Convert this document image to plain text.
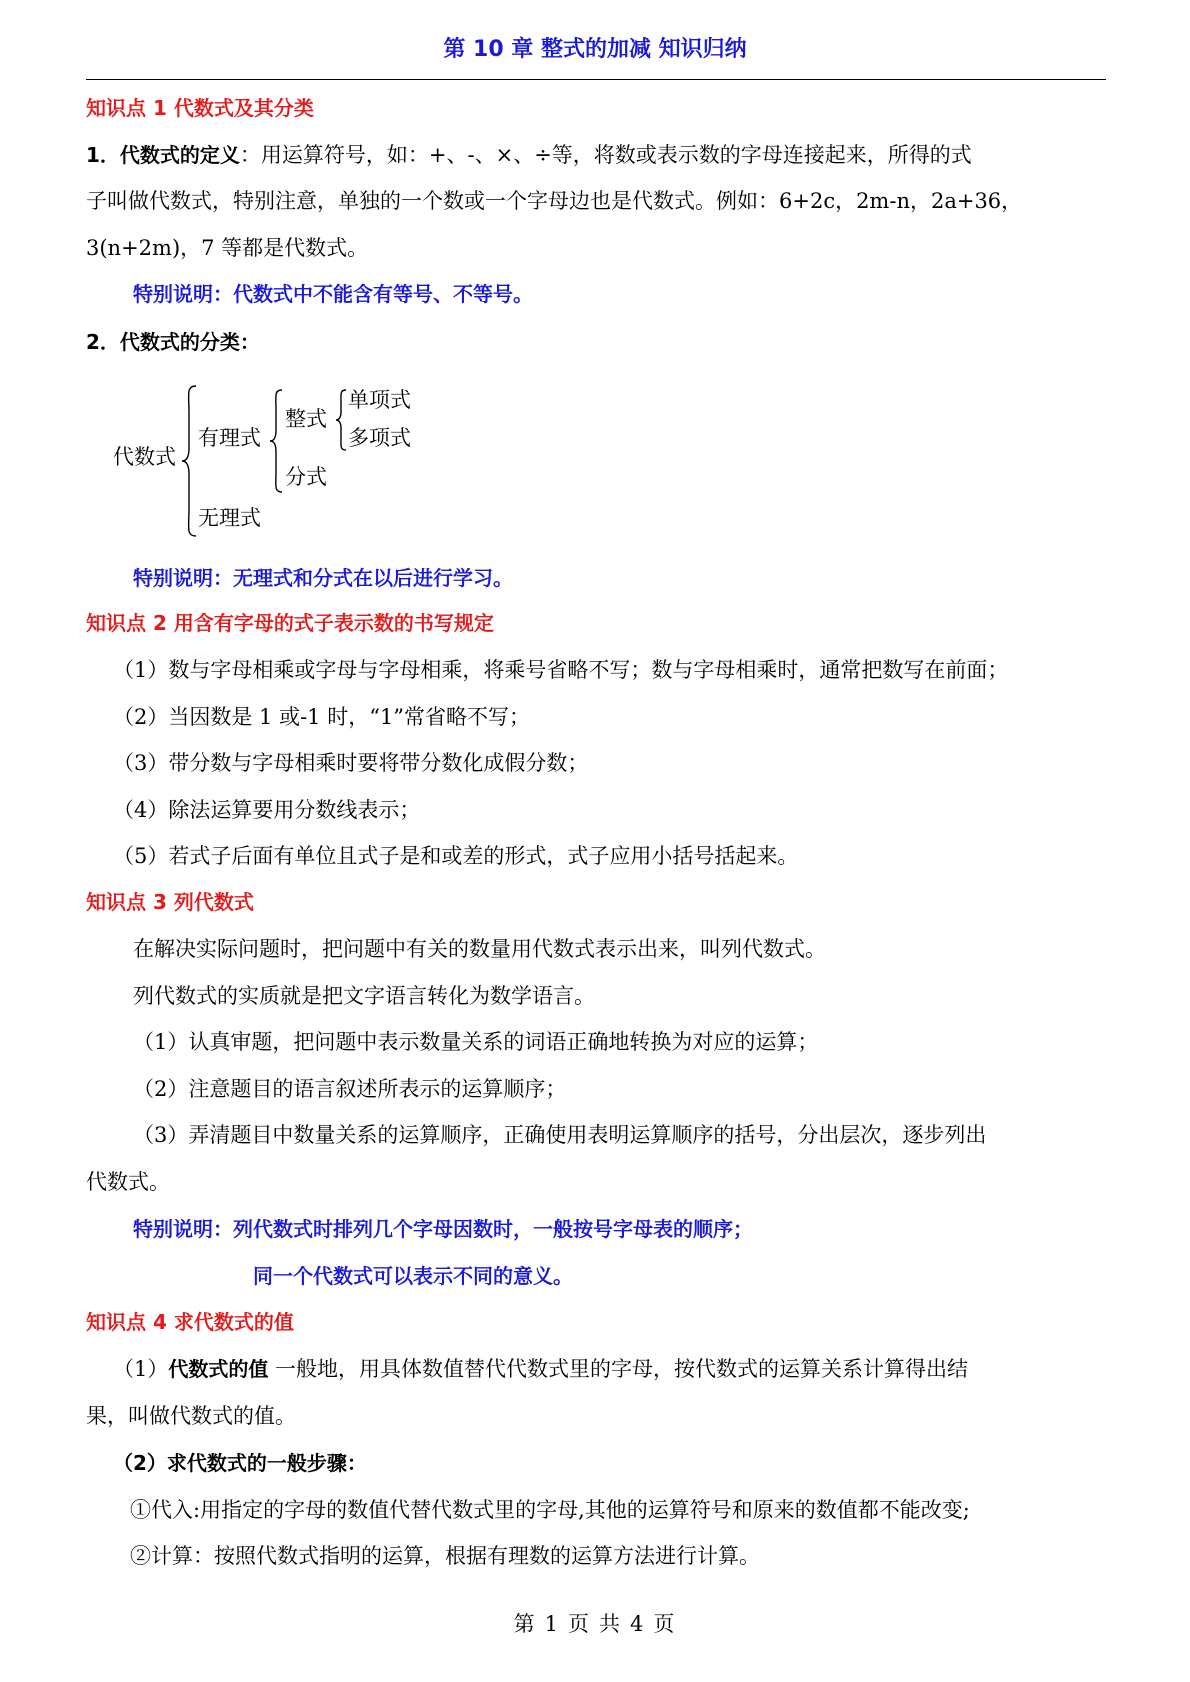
第 10 章 整式的加减 知识归纳
知识点 1 代数式及其分类
1．代数式的定义：用运算符号，如：+、-、×、÷等，将数或表示数的字母连接起来，所得的式
子叫做代数式，特别注意，单独的一个数或一个字母边也是代数式。例如：6+2c，2m-n，2a+36，
3(n+2m)，7 等都是代数式。
特别说明：代数式中不能含有等号、不等号。
2．代数式的分类：
代数式
有理式
无理式
整式
分式
单项式
多项式
特别说明：无理式和分式在以后进行学习。
知识点 2 用含有字母的式子表示数的书写规定
（1）数与字母相乘或字母与字母相乘，将乘号省略不写；数与字母相乘时，通常把数写在前面；
（2）当因数是 1 或-1 时，“1”常省略不写；
（3）带分数与字母相乘时要将带分数化成假分数；
（4）除法运算要用分数线表示；
（5）若式子后面有单位且式子是和或差的形式，式子应用小括号括起来。
知识点 3 列代数式
在解决实际问题时，把问题中有关的数量用代数式表示出来，叫列代数式。
列代数式的实质就是把文字语言转化为数学语言。
（1）认真审题，把问题中表示数量关系的词语正确地转换为对应的运算；
（2）注意题目的语言叙述所表示的运算顺序；
（3）弄清题目中数量关系的运算顺序，正确使用表明运算顺序的括号，分出层次，逐步列出
代数式。
特别说明：列代数式时排列几个字母因数时，一般按号字母表的顺序；
同一个代数式可以表示不同的意义。
知识点 4 求代数式的值
（1）代数式的值 一般地，用具体数值替代代数式里的字母，按代数式的运算关系计算得出结
果，叫做代数式的值。
（2）求代数式的一般步骤：
①代入:用指定的字母的数值代替代数式里的字母,其他的运算符号和原来的数值都不能改变;
②计算：按照代数式指明的运算，根据有理数的运算方法进行计算。
第 1 页 共 4 页
